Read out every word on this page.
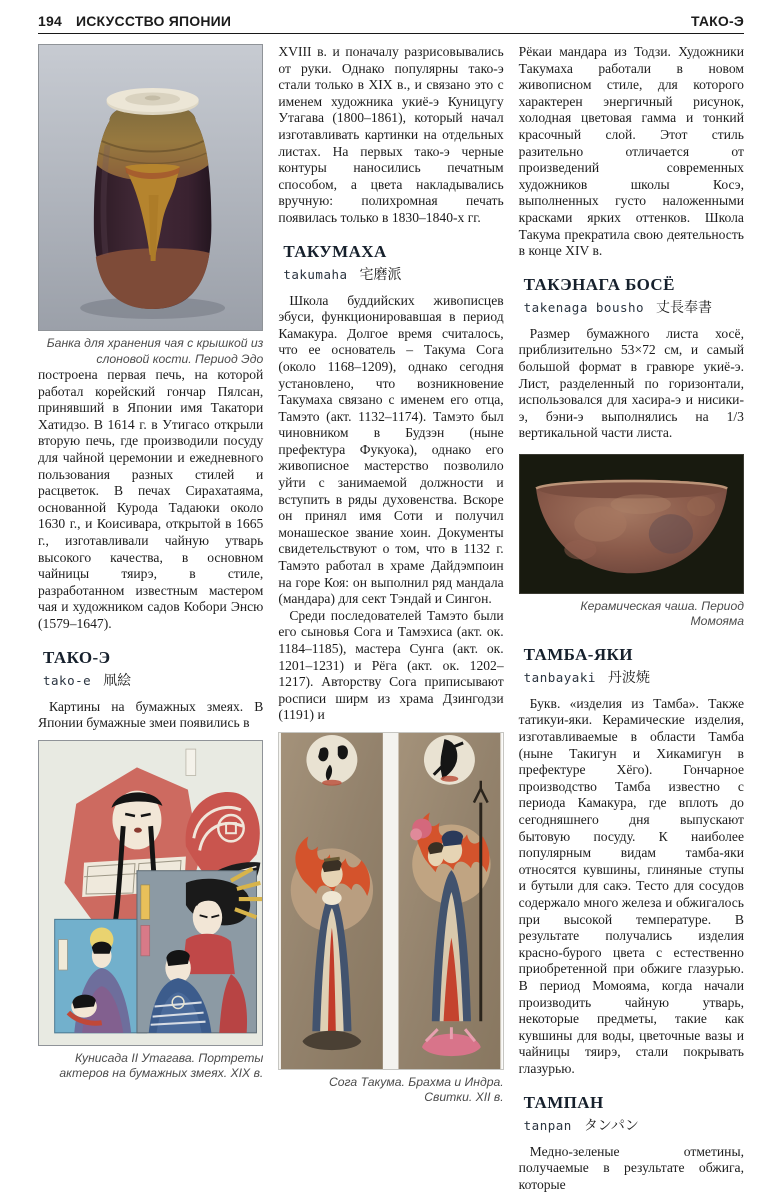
194 ИСКУССТВО ЯПОНИИ	ТАКО-Э
Банка для хранения чая с крышкой из слоновой кости. Период Эдо

построена первая печь, на которой работал корейский гончар Пялсан, принявший в Японии имя Такатори Хатидзо. В 1614 г. в Утигасо открыли вторую печь, где производили посуду для чайной церемонии и ежедневного пользования разных стилей и расцветок. В печах Сирахатаяма, основанной Курода Тадаюки около 1630 г., и Коисивара, открытой в 1665 г., изготавливали чайную утварь высокого качества, в основном чайницы тяирэ, в стиле, разработанном известным мастером чая и художником садов Кобори Энсю (1579–1647).

ТАКО-Э
tako-e 凧絵

Картины на бумажных змеях. В Японии бумажные змеи появились в

Кунисада II Утагава. Портреты актеров на бумажных змеях. XIX в.

XVIII в. и поначалу разрисовывались от руки. Однако популярны тако-э стали только в XIX в., и связано это с именем художника укиё-э Куницугу Утагава (1800–1861), который начал изготавливать картинки на отдельных листах. На первых тако-э черные контуры наносились печатным способом, а цвета накладывались вручную: полихромная печать появилась только в 1830–1840-х гг.

ТАКУМАХА
takumaha 宅磨派

Школа буддийских живописцев эбуси, функционировавшая в период Камакура. Долгое время считалось, что ее основатель – Такума Сога (около 1168–1209), однако сегодня установлено, что возникновение Такумаха связано с именем его отца, Тамэто (акт. 1132–1174). Тамэто был чиновником в Будзэн (ныне префектура Фукуока), однако его живописное мастерство позволило уйти с занимаемой должности и вступить в ряды духовенства. Вскоре он принял имя Соти и получил монашеское звание хоин. Документы свидетельствуют о том, что в 1132 г. Тамэто работал в храме Дайдэмпоин на горе Коя: он выполнил ряд мандала (мандара) для сект Тэндай и Сингон.

Среди последователей Тамэто были его сыновья Сога и Тамэхиса (акт. ок. 1184–1185), мастера Сунга (акт. ок. 1201–1231) и Рёга (акт. ок. 1202–1217). Авторству Сога приписывают росписи ширм из храма Дзингодзи (1191) и

Сога Такума. Брахма и Индра. Свитки. XII в.

Рёкаи мандара из Тодзи. Художники Такумаха работали в новом живописном стиле, для которого характерен энергичный рисунок, холодная цветовая гамма и тонкий красочный слой. Этот стиль разительно отличается от произведений современных художников школы Косэ, выполненных густо наложенными красками ярких оттенков. Школа Такума прекратила свою деятельность в конце XIV в.

ТАКЭНАГА БОСЁ
takenaga bousho 丈長奉書

Размер бумажного листа хосё, приблизительно 53×72 см, и самый большой формат в гравюре укиё-э. Лист, разделенный по горизонтали, использовался для хасира-э и нисики-э, бэни-э выполнялись на 1/3 вертикальной части листа.

Керамическая чаша. Период Момояма
ТАМБА-ЯКИ
tanbayaki 丹波焼

Букв. «изделия из Тамба». Также татикуи-яки. Керамические изделия, изготавливаемые в области Тамба (ныне Такигун и Хикамигун в префектуре Хёго). Гончарное производство Тамба известно с периода Камакура, где вплоть до сегодняшнего дня выпускают бытовую посуду. К наиболее популярным видам тамба-яки относятся кувшины, глиняные ступы и бутыли для сакэ. Тесто для сосудов содержало много железа и обжигалось при высокой температуре. В результате получались изделия красно-бурого цвета с естественно приобретенной при обжиге глазурью. В период Момояма, когда начали производить чайную утварь, некоторые предметы, такие как кувшины для воды, цветочные вазы и чайницы тяирэ, стали покрывать глазурью.

ТАМПАН
tanpan タンパン

Медно-зеленые отметины, получаемые в результате обжига, которые
